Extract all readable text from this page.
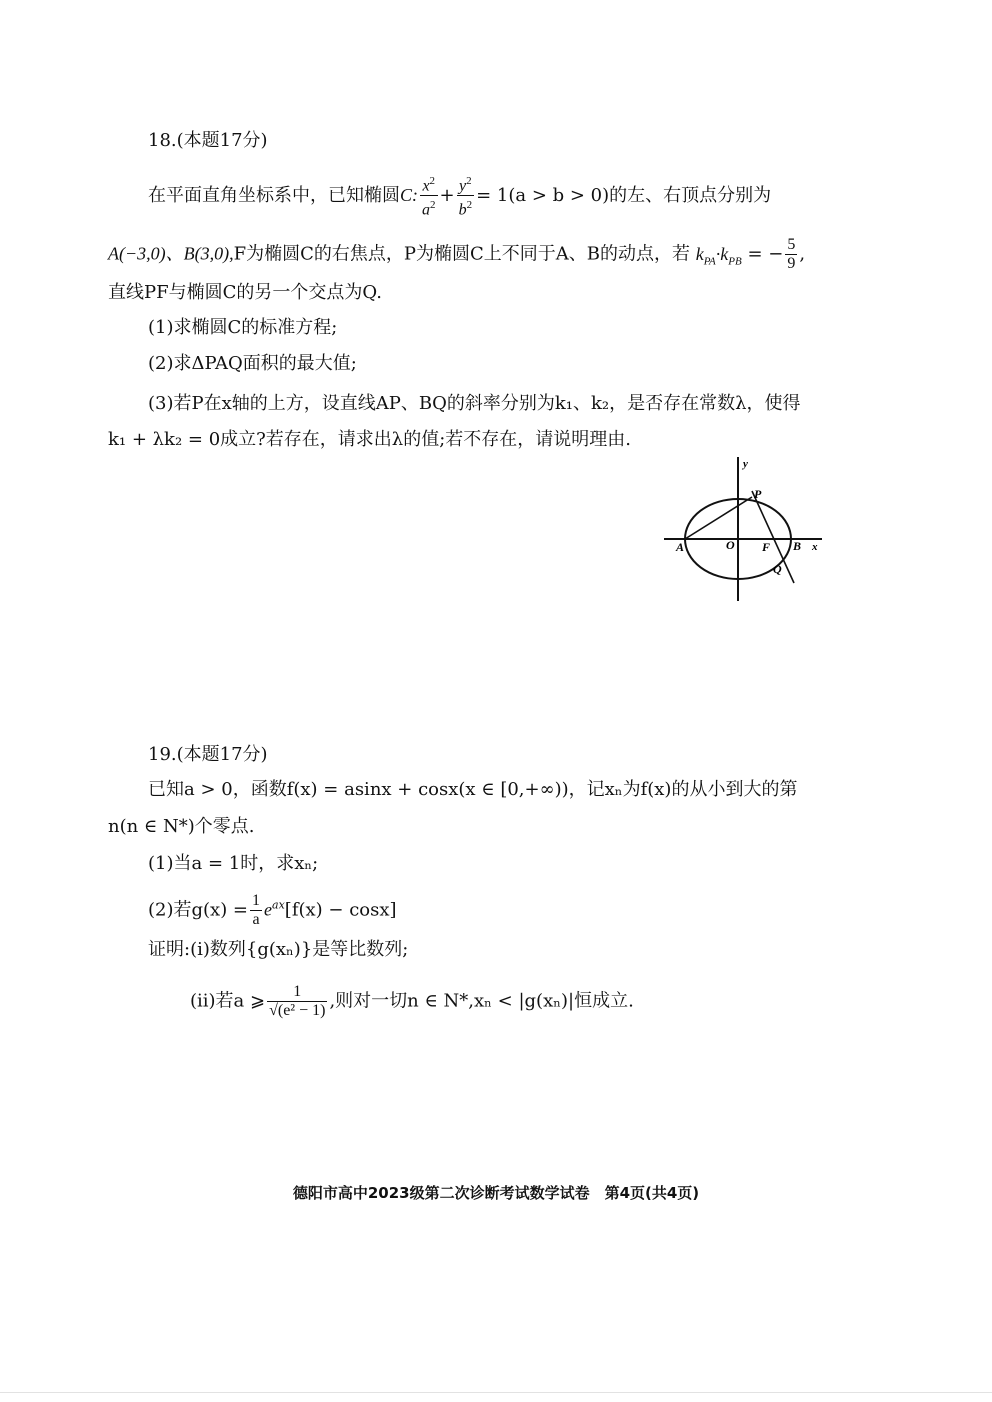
18.(本题17分)
在平面直角坐标系中，已知椭圆C: $\frac{x^2}{a^2} + \frac{y^2}{b^2} = 1(a > b > 0)$的左、右顶点分别为
A(−3,0)、B(3,0),F为椭圆C的右焦点，P为椭圆C上不同于A、B的动点，若 $k_{PA}\cdot k_{PB}$ = − $\frac{5}{9}$ ,
直线PF与椭圆C的另一个交点为Q.
(1)求椭圆C的标准方程;
(2)求ΔPAQ面积的最大值;
(3)若P在x轴的上方，设直线AP、BQ的斜率分别为k₁、k₂，是否存在常数λ，使得
k₁ + λk₂ = 0成立?若存在，请求出λ的值;若不存在，请说明理由.
y
P
A	O F B x
Q
19.(本题17分)
已知a > 0，函数f(x) = asinx + cosx(x ∈ [0,+∞))，记xₙ为f(x)的从小到大的第
n(n ∈ N*)个零点.
(1)当a = 1时，求xₙ;
(2)若$g(x) = \frac{1}{a} e^{ax}[f(x) - \cos x]$
证明:(ⅰ)数列{g(xₙ)}是等比数列;
(ⅱ)若a ⩾ $\frac{1}{\text{√(e² − 1)}}$ ,则对一切n ∈ N*,xₙ < |g(xₙ)|恒成立.
德阳市高中2023级第二次诊断考试数学试卷　第4页(共4页)
